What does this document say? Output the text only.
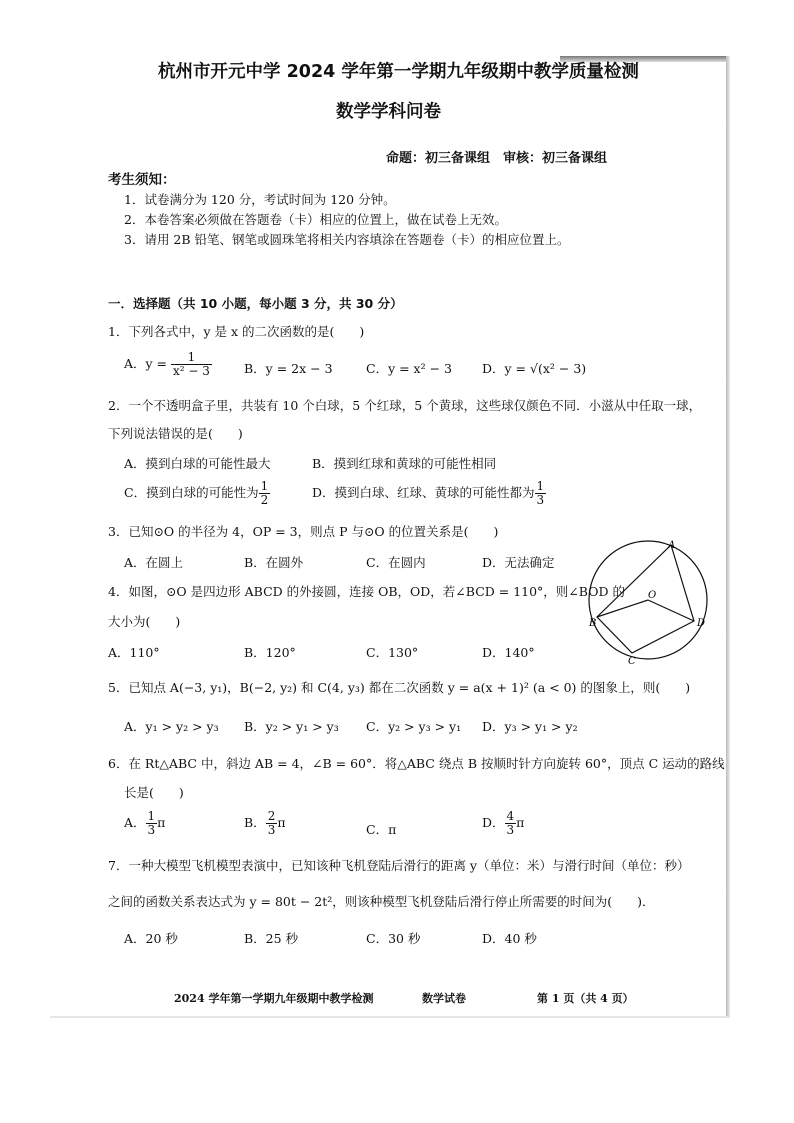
杭州市开元中学 2024 学年第一学期九年级期中教学质量检测
数学学科问卷
命题：初三备课组　审核：初三备课组
考生须知：
1．试卷满分为 120 分，考试时间为 120 分钟。
2．本卷答案必须做在答题卷（卡）相应的位置上，做在试卷上无效。
3．请用 2B 铅笔、钢笔或圆珠笔将相关内容填涂在答题卷（卡）的相应位置上。
一．选择题（共 10 小题，每小题 3 分，共 30 分）
1．下列各式中，y 是 x 的二次函数的是(　　)
A．$y = \frac{1}{\text{x² − 3}}$	B．y = 2x − 3	C．y = x² − 3 D．y = √(x² − 3)
2．一个不透明盒子里，共装有 10 个白球，5 个红球，5 个黄球，这些球仅颜色不同．小滋从中任取一球，
下列说法错误的是(　　)
A．摸到白球的可能性最大	B．摸到红球和黄球的可能性相同
C．摸到白球的可能性为 $\frac{1}{2}$	D．摸到白球、红球、黄球的可能性都为 $\frac{1}{3}$
3．已知⊙O 的半径为 4，OP = 3，则点 P 与⊙O 的位置关系是(　　)
A．在圆上	B．在圆外	C．在圆内	D．无法确定
4．如图，⊙O 是四边形 ABCD 的外接圆，连接 OB，OD，若∠BCD = 110°，则∠BOD 的
大小为(　　)
A．110°	B．120°	C．130°	D．140°
A
B
C
D
O
5．已知点 A(−3, y₁)，B(−2, y₂) 和 C(4, y₃) 都在二次函数 y = a(x + 1)² (a < 0) 的图象上，则(　　)
A．y₁ > y₂ > y₃ B．y₂ > y₁ > y₃ C．y₂ > y₃ > y₁ D．y₃ > y₁ > y₂
6．在 Rt△ABC 中，斜边 AB = 4，∠B = 60°．将△ABC 绕点 B 按顺时针方向旋转 60°，顶点 C 运动的路线
长是(　　)
A． $\frac{1}{3}$ π	B． $\frac{2}{3}$ π	C．π	D． $\frac{4}{3}$ π
7．一种大模型飞机模型表演中，已知该种飞机登陆后滑行的距离 y（单位：米）与滑行时间（单位：秒）
之间的函数关系表达式为 y = 80t − 2t²，则该种模型飞机登陆后滑行停止所需要的时间为(　　)．
A．20 秒	B．25 秒	C．30 秒	D．40 秒
2024 学年第一学期九年级期中教学检测	数学试卷	第 1 页（共 4 页）
